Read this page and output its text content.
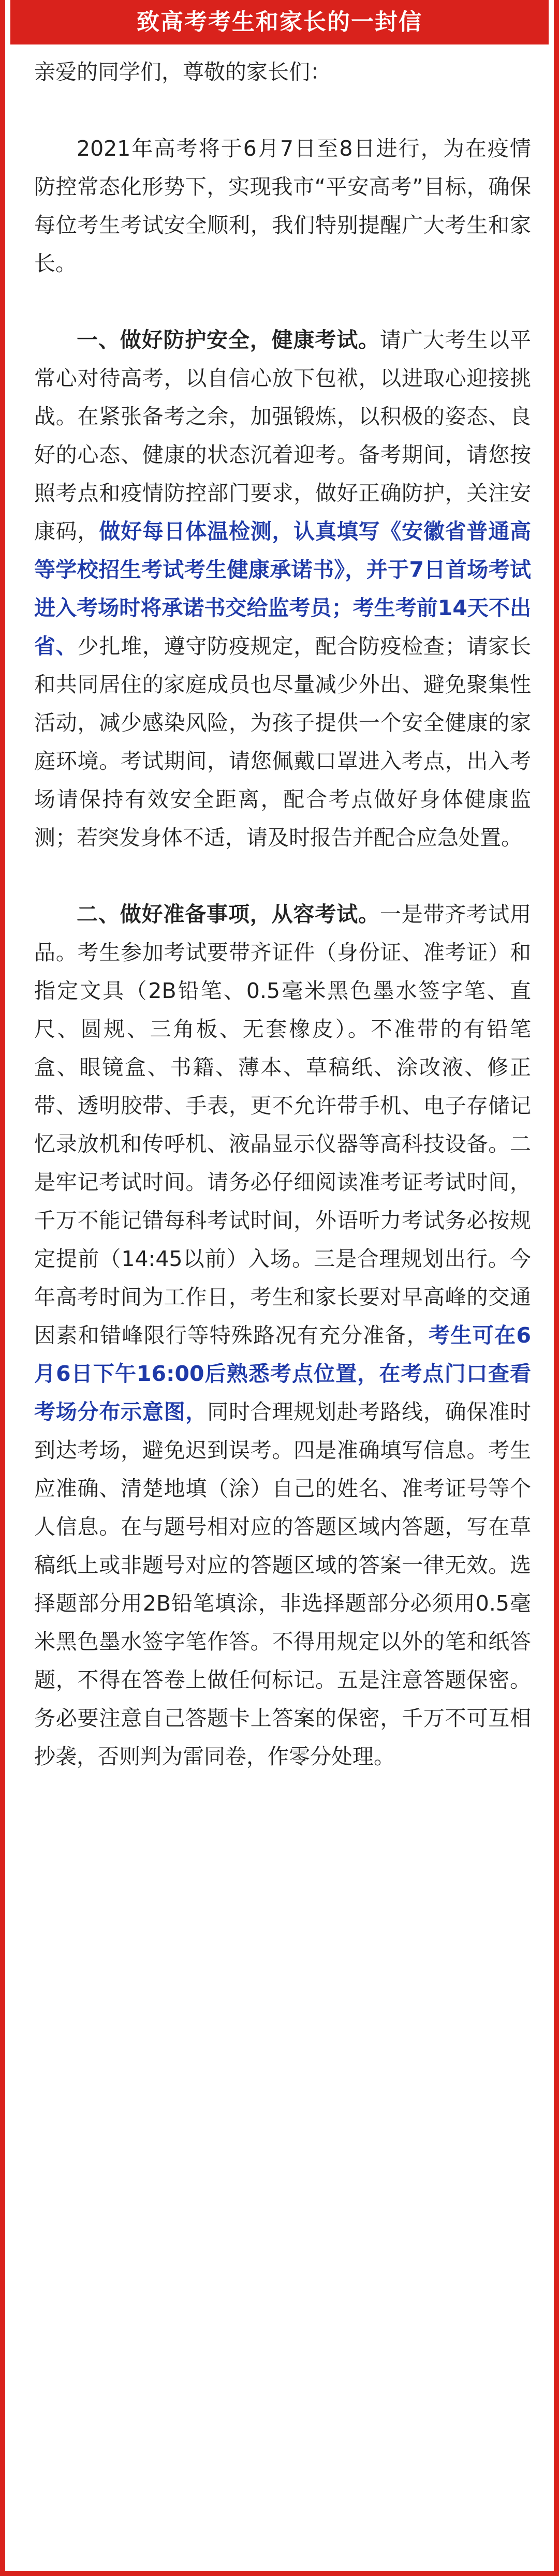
致高考考生和家长的一封信

亲爱的同学们，尊敬的家长们：

2021年高考将于6月7日至8日进行，为在疫情防控常态化形势下，实现我市“平安高考”目标，确保每位考生考试安全顺利，我们特别提醒广大考生和家长。

一、做好防护安全，健康考试。请广大考生以平常心对待高考，以自信心放下包袱，以进取心迎接挑战。在紧张备考之余，加强锻炼，以积极的姿态、良好的心态、健康的状态沉着迎考。备考期间，请您按照考点和疫情防控部门要求，做好正确防护，关注安康码，做好每日体温检测，认真填写《安徽省普通高等学校招生考试考生健康承诺书》，并于7日首场考试进入考场时将承诺书交给监考员；考生考前14天不出省、少扎堆，遵守防疫规定，配合防疫检查；请家长和共同居住的家庭成员也尽量减少外出、避免聚集性活动，减少感染风险，为孩子提供一个安全健康的家庭环境。考试期间，请您佩戴口罩进入考点，出入考场请保持有效安全距离，配合考点做好身体健康监测；若突发身体不适，请及时报告并配合应急处置。

二、做好准备事项，从容考试。一是带齐考试用品。考生参加考试要带齐证件（身份证、准考证）和指定文具（2B铅笔、0.5毫米黑色墨水签字笔、直尺、圆规、三角板、无套橡皮）。不准带的有铅笔盒、眼镜盒、书籍、薄本、草稿纸、涂改液、修正带、透明胶带、手表，更不允许带手机、电子存储记忆录放机和传呼机、液晶显示仪器等高科技设备。二是牢记考试时间。请务必仔细阅读准考证考试时间，千万不能记错每科考试时间，外语听力考试务必按规定提前（14:45以前）入场。三是合理规划出行。今年高考时间为工作日，考生和家长要对早高峰的交通因素和错峰限行等特殊路况有充分准备，考生可在6月6日下午16:00后熟悉考点位置，在考点门口查看考场分布示意图，同时合理规划赴考路线，确保准时到达考场，避免迟到误考。四是准确填写信息。考生应准确、清楚地填（涂）自己的姓名、准考证号等个人信息。在与题号相对应的答题区域内答题，写在草稿纸上或非题号对应的答题区域的答案一律无效。选择题部分用2B铅笔填涂，非选择题部分必须用0.5毫米黑色墨水签字笔作答。不得用规定以外的笔和纸答题，不得在答卷上做任何标记。五是注意答题保密。务必要注意自己答题卡上答案的保密，千万不可互相抄袭，否则判为雷同卷，作零分处理。
